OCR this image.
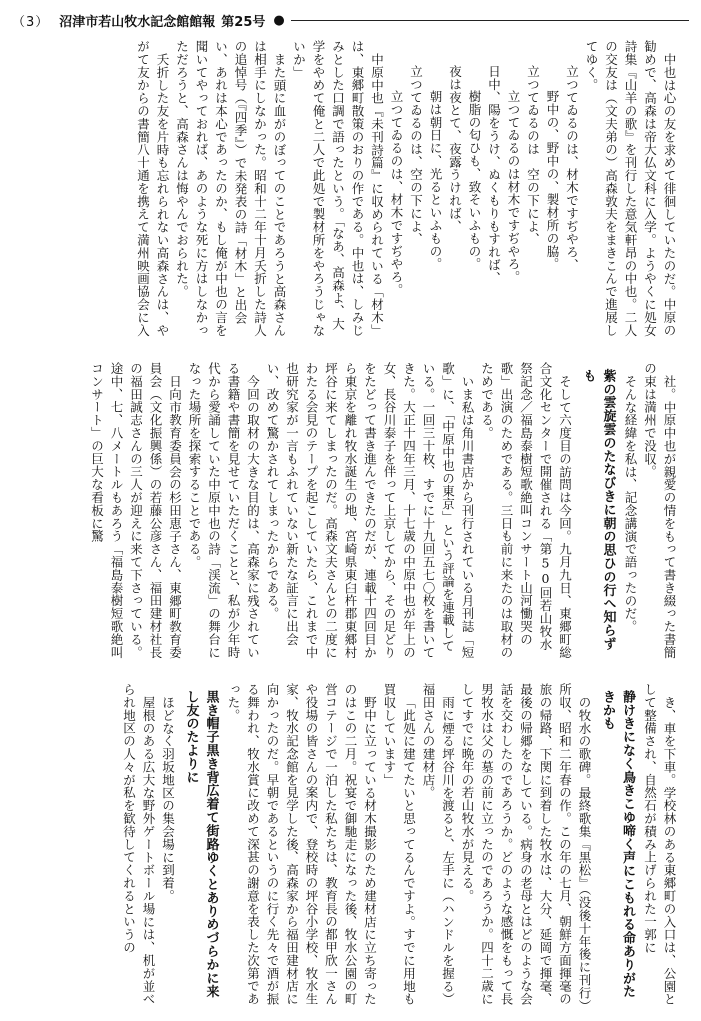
（3） 沼津市若山牧水記念館館報 第25号 ●

中也は心の友を求めて徘徊していたのだ。中原の勧めで、高森は帝大仏文科に入学。ようやくに処女詩集『山羊の歌』を刊行した意気軒昂の中也。二人の交友は（文夫弟の）高森敦夫をまきこんで進展してゆく。

立つてゐるのは、材木ですぢやろ、

野中の、野中の、製材所の脇。

立つてゐるのは　空の下によ、

立つてゐるのは材木ですぢやろ。

日中、陽をうけ、ぬくもりもすれば、

樹脂の匂ひも、致そいふもの。

夜は夜とて、夜露うければ、

朝は朝日に、光るといふもの。

立つてゐるのは、空の下によ、

立つてゐるのは、材木ですぢやろ。

中原中也『未刊詩篇』に収められている「材木」は、東郷町散策のおりの作である。中也は、しみじみとした口調で語ったという。「なあ、高森よ、大学をやめて俺と二人で此処で製材所をやろうじゃないか」

また頭に血がのぼってのことであろうと高森さんは相手にしなかった。昭和十二年十月夭折した詩人の追悼号（『四季』）で未発表の詩「材木」と出会い、あれは本心であったのか、もし俺が中也の言を聞いてやっておれば、あのような死に方はしなかっただろうと、高森さんは悔やんでおられた。

夭折した友を片時も忘れられない高森さんは、やがて友からの書簡八十通を携えて満州映画協会に入

社。中原中也が親愛の情をもって書き綴った書簡の束は満州で没収。

そんな経緯を私は、記念講演で語ったのだ。

紫の雲旋雲のたなびきに朝の思ひの行へ知らずも

そして六度目の訪問は今回。九月九日、東郷町総合文化センターで開催される「第50回若山牧水祭記念／福島泰樹短歌絶叫コンサート山河慟哭の歌」出演のためである。三日も前に来たのは取材のためである。

いま私は角川書店から刊行されている月刊誌「短歌」に、「中原中也の東京」という評論を連載している。一回三十枚、すでに十九回五七〇枚を書いてきた。大正十四年三月、十七歳の中原中也が年上の女、長谷川泰子を伴って上京してから、その足どりをたどって書き進んできたのだが、連載十四回目から東京を離れ牧水誕生の地、宮崎県東臼杵郡東郷村坪谷に来てしまったのだ。高森文夫さんとの二度にわたる会見のテープを起こしていたら、これまで中也研究家が一言もふれていない新たな証言に出会い、改めて驚かされてしまったからである。

今回の取材の大きな目的は、高森家に残されている書籍や書簡を見せていただくことと、私が少年時代から愛誦していた中原中也の詩「渓流」の舞台になった場所を探索することである。

日向市教育委員会の杉田恵子さん、東郷町教育委員会（文化振興係）の若藤公彦さん、福田建材社長の福田誠志さんの三人が迎えに来て下さっている。途中、七、八メートルもあろう「福島泰樹短歌絶叫コンサート」の巨大な看板に驚

き、車を下車。学校林のある東郷町の入口は、公園として整備され、自然石が積み上げられた一郭に

静けきになく鳥きこゆ啼く声にこもれる命ありがたきかも

の牧水の歌碑。最終歌集『黒松』（没後十年後に刊行）所収、昭和二年春の作。この年の七月、朝鮮方面揮毫の旅の帰路、下関に到着した牧水は、大分、延岡で揮毫、最後の帰郷をなしている。病身の老母とはどのような会話を交わしたのであろうか。どのような感慨をもって長男牧水は父の墓の前に立ったのであろうか。四十二歳にしてすでに晩年の若山牧水が見える。

雨に煙る坪谷川を渡ると、左手に（ハンドルを握る）福田さんの建材店。

「此処に建てたいと思ってるんですよ。すでに用地も買収しています」

野中に立っている材木撮影のため建材店に立ち寄ったのはこの二月。祝宴で御馳走になった後、牧水公園の町営コテージで一泊した私たちは、教育長の都甲欣一さんや役場の皆さんの案内で、登校時の坪谷小学校、牧水生家、牧水記念館を見学した後、高森家から福田建材店に向かったのだ。早朝であるというのに行く先々で酒が振る舞われ、牧水賞に改めて深甚の謝意を表した次第であった。

黒き帽子黒き背広着て街路ゆくとありめづらかに来し友のたよりに

ほどなく羽坂地区の集会場に到着。

屋根のある広大な野外ゲートボール場には、机が並べられ地区の人々が私を歓待してくれるというの
